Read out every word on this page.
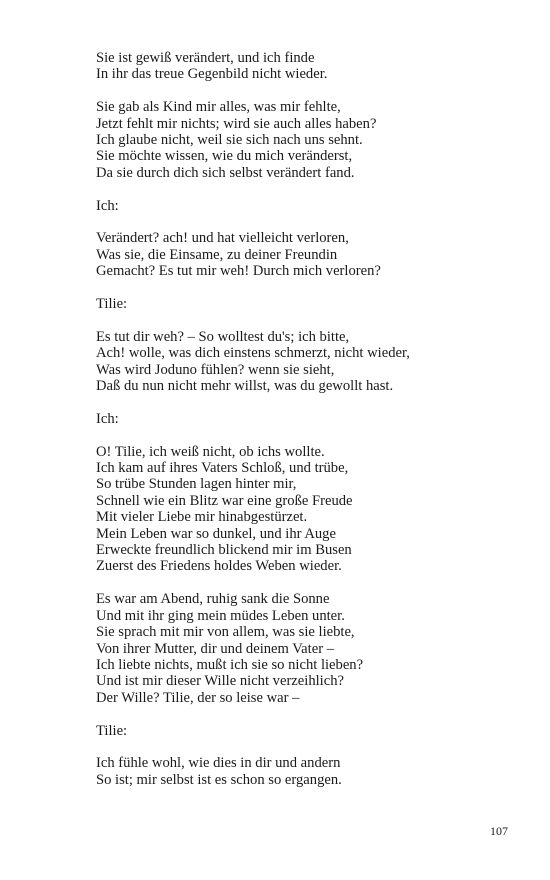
Sie ist gewiß verändert, und ich finde
In ihr das treue Gegenbild nicht wieder.
Sie gab als Kind mir alles, was mir fehlte,
Jetzt fehlt mir nichts; wird sie auch alles haben?
Ich glaube nicht, weil sie sich nach uns sehnt.
Sie möchte wissen, wie du mich veränderst,
Da sie durch dich sich selbst verändert fand.
Ich:
Verändert? ach! und hat vielleicht verloren,
Was sie, die Einsame, zu deiner Freundin
Gemacht? Es tut mir weh! Durch mich verloren?
Tilie:
Es tut dir weh? – So wolltest du's; ich bitte,
Ach! wolle, was dich einstens schmerzt, nicht wieder,
Was wird Joduno fühlen? wenn sie sieht,
Daß du nun nicht mehr willst, was du gewollt hast.
Ich:
O! Tilie, ich weiß nicht, ob ichs wollte.
Ich kam auf ihres Vaters Schloß, und trübe,
So trübe Stunden lagen hinter mir,
Schnell wie ein Blitz war eine große Freude
Mit vieler Liebe mir hinabgestürzet.
Mein Leben war so dunkel, und ihr Auge
Erweckte freundlich blickend mir im Busen
Zuerst des Friedens holdes Weben wieder.
Es war am Abend, ruhig sank die Sonne
Und mit ihr ging mein müdes Leben unter.
Sie sprach mit mir von allem, was sie liebte,
Von ihrer Mutter, dir und deinem Vater –
Ich liebte nichts, mußt ich sie so nicht lieben?
Und ist mir dieser Wille nicht verzeihlich?
Der Wille? Tilie, der so leise war –
Tilie:
Ich fühle wohl, wie dies in dir und andern
So ist; mir selbst ist es schon so ergangen.
107
